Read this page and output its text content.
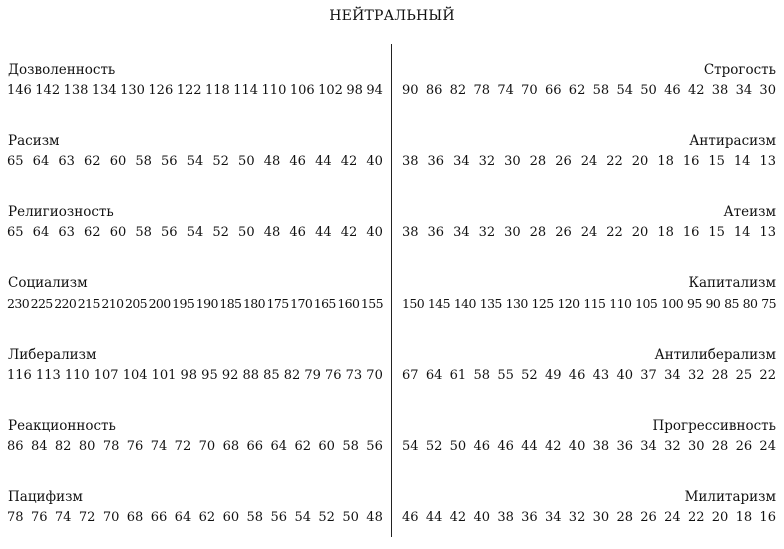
НЕЙТРАЛЬНЫЙ
Дозволенность	Строгость
146 142 138 134 130 126 122 118 114 110 106 102 98 94 90 86 82 78 74 70 66 62 58 54 50 46 42 38 34 30
Расизм	Антирасизм
65 64 63 62 60 58 56 54 52 50 48 46 44 42 40 38 36 34 32 30 28 26 24 22 20 18 16 15 14 13
Религиозность	Атеизм
65 64 63 62 60 58 56 54 52 50 48 46 44 42 40 38 36 34 32 30 28 26 24 22 20 18 16 15 14 13
Социализм	Капитализм
230 225 220 215 210 205 200 195 190 185 180 175 170 165 160 155 150 145 140 135 130 125 120 115 110 105 100 95 90 85 80 75
Либерализм	Антилиберализм
116 113 110 107 104 101 98 95 92 88 85 82 79 76 73 70 67 64 61 58 55 52 49 46 43 40 37 34 32 28 25 22
Реакционность	Прогрессивность
86 84 82 80 78 76 74 72 70 68 66 64 62 60 58 56 54 52 50 46 46 44 42 40 38 36 34 32 30 28 26 24
Пацифизм	Милитаризм
78 76 74 72 70 68 66 64 62 60 58 56 54 52 50 48 46 44 42 40 38 36 34 32 30 28 26 24 22 20 18 16
